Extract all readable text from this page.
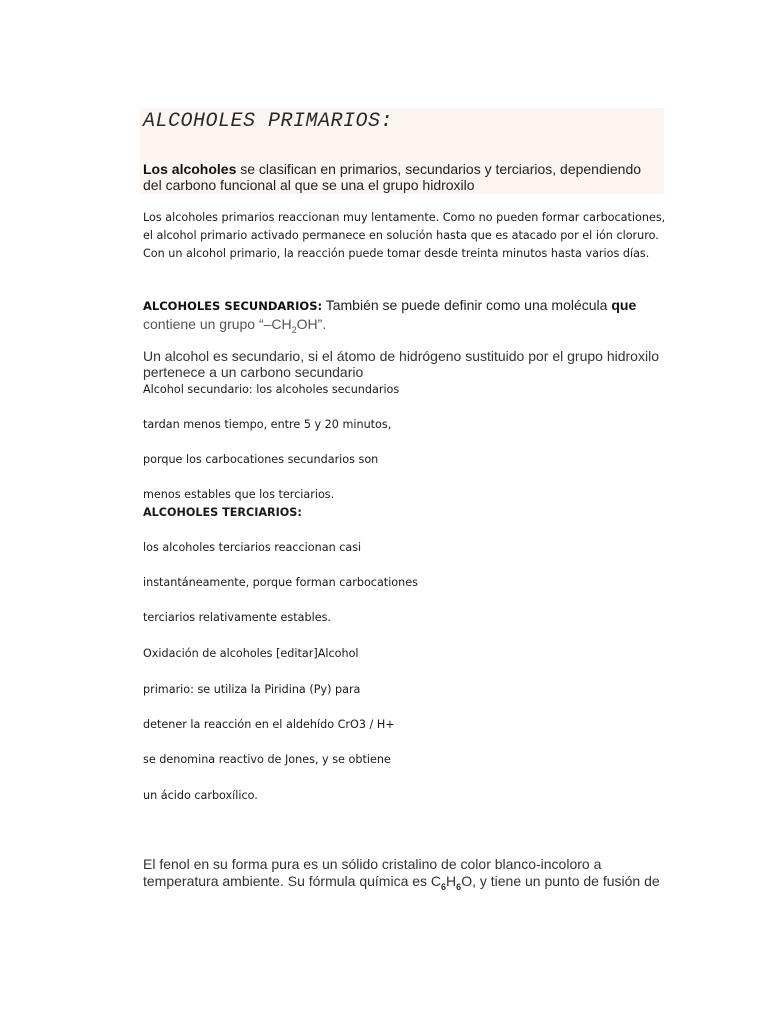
ALCOHOLES PRIMARIOS:

Los alcoholes se clasifican en primarios, secundarios y terciarios, dependiendo del carbono funcional al que se una el grupo hidroxilo

Los alcoholes primarios reaccionan muy lentamente. Como no pueden formar carbocationes, el alcohol primario activado permanece en solución hasta que es atacado por el ión cloruro. Con un alcohol primario, la reacción puede tomar desde treinta minutos hasta varios días.

ALCOHOLES SECUNDARIOS: También se puede definir como una molécula que contiene un grupo “$-CH_2OH$”.

Un alcohol es secundario, si el átomo de hidrógeno sustituido por el grupo hidroxilo pertenece a un carbono secundario

Alcohol secundario: los alcoholes secundarios

tardan menos tiempo, entre 5 y 20 minutos,

porque los carbocationes secundarios son

menos estables que los terciarios.

ALCOHOLES TERCIARIOS:

los alcoholes terciarios reaccionan casi

instantáneamente, porque forman carbocationes

terciarios relativamente estables.

Oxidación de alcoholes [editar]Alcohol

primario: se utiliza la Piridina (Py) para

detener la reacción en el aldehído CrO3 / H+

se denomina reactivo de Jones, y se obtiene

un ácido carboxílico.

El fenol en su forma pura es un sólido cristalino de color blanco-incoloro a temperatura ambiente. Su fórmula química es $C_6H_6O$, y tiene un punto de fusión de
